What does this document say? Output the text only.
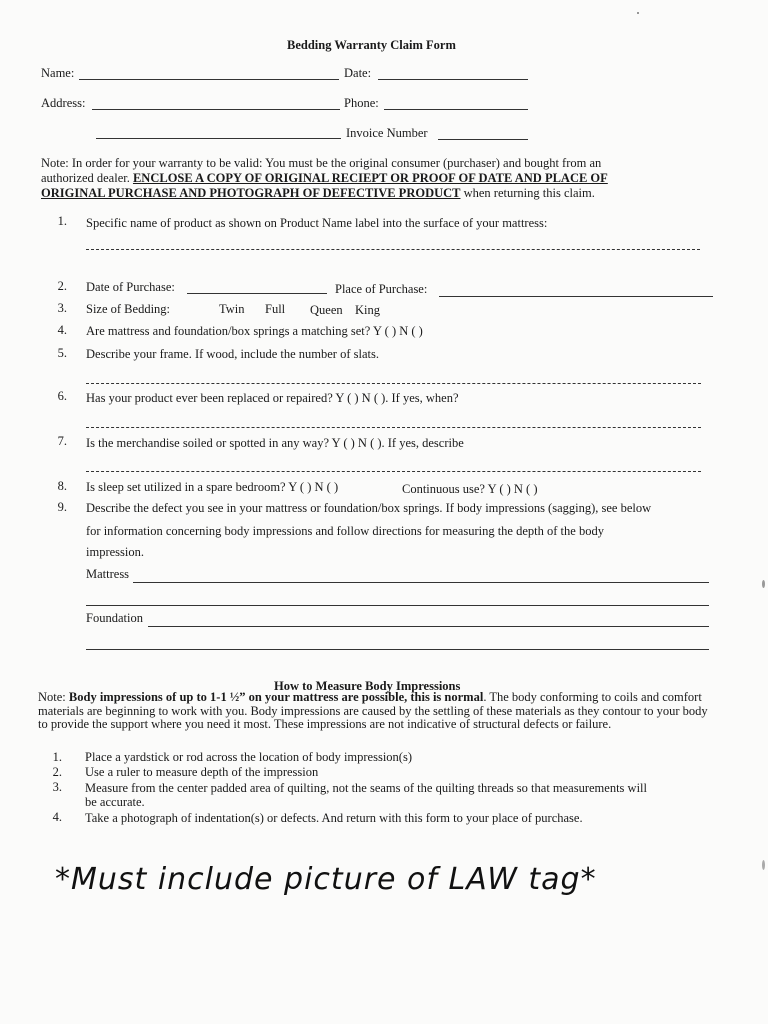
Bedding Warranty Claim Form
Name:	Date:
Address:	Phone:
Invoice Number
Note: In order for your warranty to be valid: You must be the original consumer (purchaser) and bought from an
authorized dealer. ENCLOSE A COPY OF ORIGINAL RECIEPT OR PROOF OF DATE AND PLACE OF
ORIGINAL PURCHASE AND PHOTOGRAPH OF DEFECTIVE PRODUCT when returning this claim.
1. Specific name of product as shown on Product Name label into the surface of your mattress:
2. Date of Purchase:	Place of Purchase:
3. Size of Bedding:	Twin Full Queen King
4. Are mattress and foundation/box springs a matching set? Y ( ) N ( )
5. Describe your frame. If wood, include the number of slats.
6. Has your product ever been replaced or repaired? Y ( ) N ( ). If yes, when?
7. Is the merchandise soiled or spotted in any way? Y ( ) N ( ). If yes, describe
8. Is sleep set utilized in a spare bedroom? Y ( ) N ( )	Continuous use? Y ( ) N ( )
9. Describe the defect you see in your mattress or foundation/box springs. If body impressions (sagging), see below
for information concerning body impressions and follow directions for measuring the depth of the body
impression.
Mattress
Foundation
How to Measure Body Impressions
Note: Body impressions of up to 1-1 ½” on your mattress are possible, this is normal. The body conforming to coils and comfort materials are beginning to work with you. Body impressions are caused by the settling of these materials as they contour to your body to provide the support where you need it most. These impressions are not indicative of structural defects or failure.
1. Place a yardstick or rod across the location of body impression(s)
2. Use a ruler to measure depth of the impression
3. Measure from the center padded area of quilting, not the seams of the quilting threads so that measurements will
be accurate.
4. Take a photograph of indentation(s) or defects. And return with this form to your place of purchase.
*Must include picture of LAW tag*
